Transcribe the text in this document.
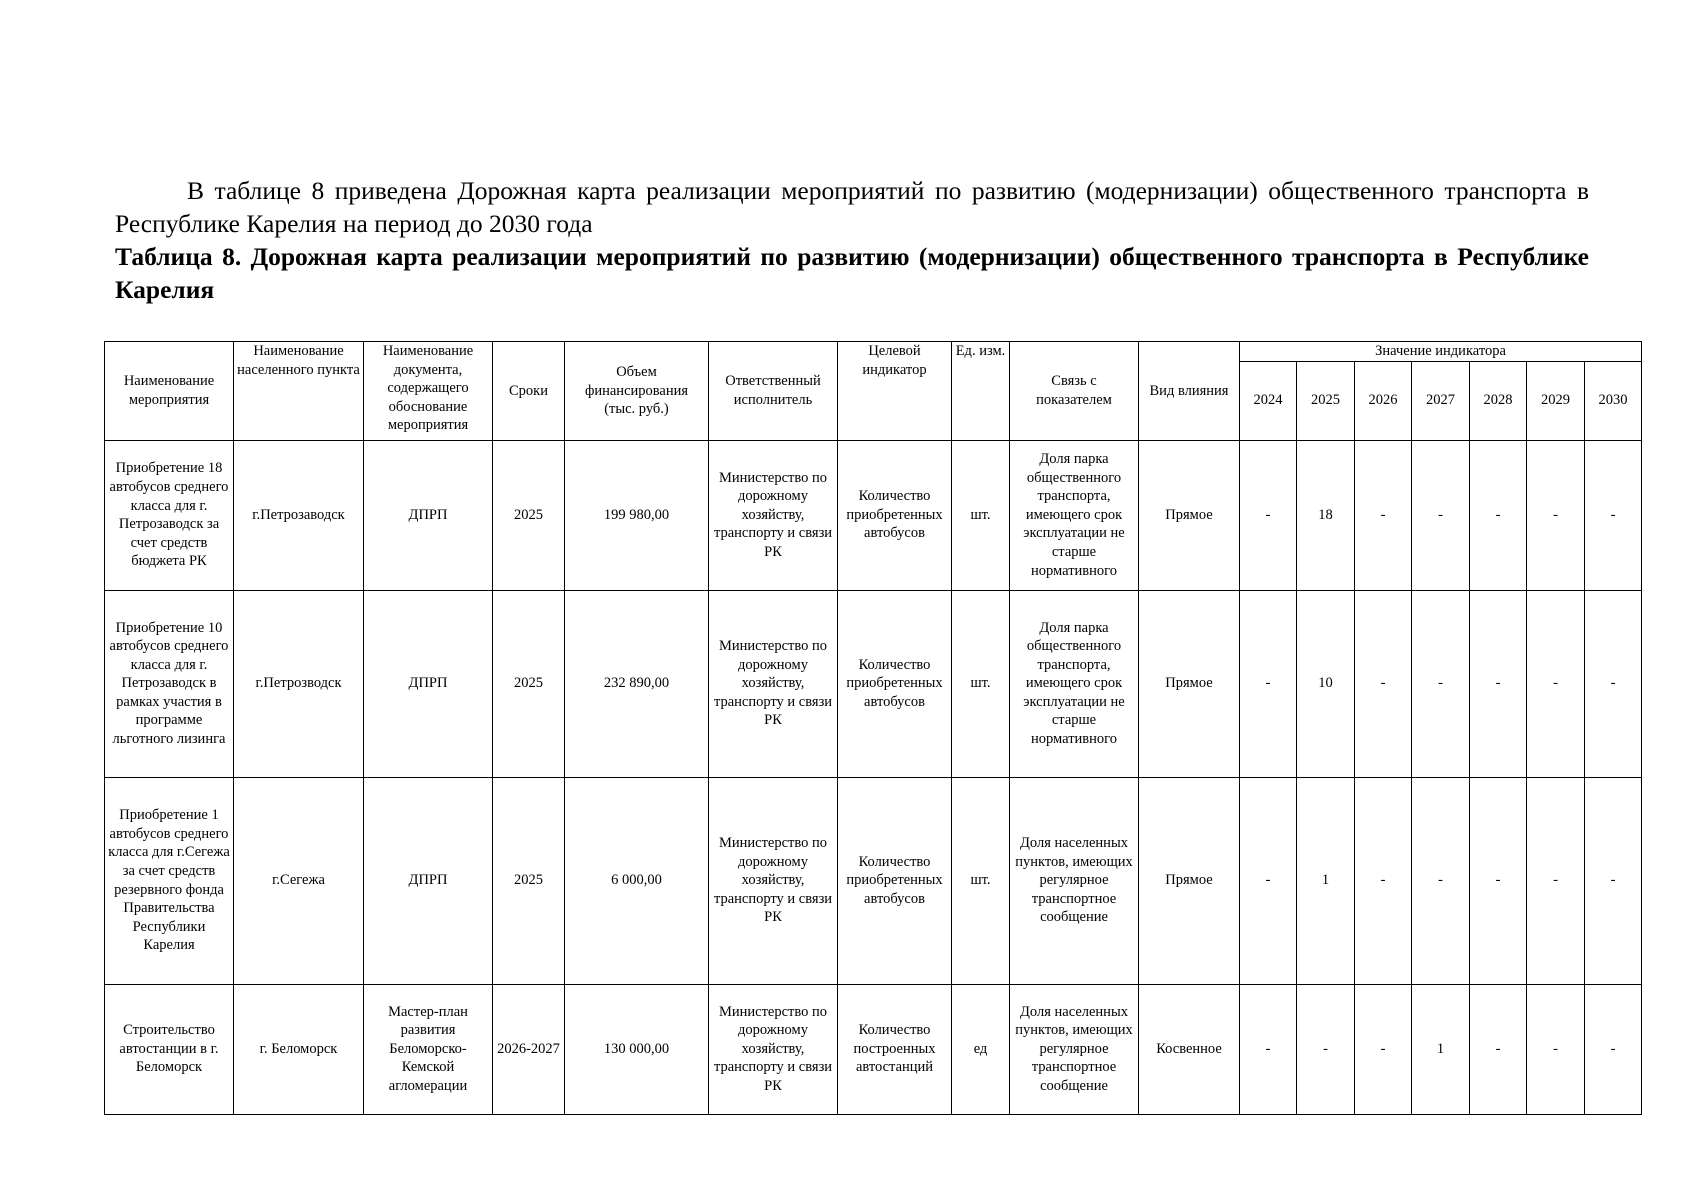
В таблице 8 приведена Дорожная карта реализации мероприятий по развитию (модернизации) общественного транспорта в Республике Карелия на период до 2030 года

Таблица 8. Дорожная карта реализации мероприятий по развитию (модернизации) общественного транспорта в Республике Карелия

Наименование мероприятия	Наименование населенного пункта	Наименование документа, содержащего обоснование мероприятия	Сроки	Объем финансирования (тыс. руб.)	Ответственный исполнитель	Целевой индикатор	Ед. изм.	Связь с показателем	Вид влияния	Значение индикатора						
										2024	2025	2026	2027	2028	2029	2030
Приобретение 18 автобусов среднего класса для г. Петрозаводск за счет средств бюджета РК	г.Петрозаводск	ДПРП	2025	199 980,00	Министерство по дорожному хозяйству, транспорту и связи РК	Количество приобретенных автобусов	шт.	Доля парка общественного транспорта, имеющего срок эксплуатации не старше нормативного	Прямое	-	18	-	-	-	-	-
Приобретение 10 автобусов среднего класса для г. Петрозаводск в рамках участия в программе льготного лизинга	г.Петрозводск	ДПРП	2025	232 890,00	Министерство по дорожному хозяйству, транспорту и связи РК	Количество приобретенных автобусов	шт.	Доля парка общественного транспорта, имеющего срок эксплуатации не старше нормативного	Прямое	-	10	-	-	-	-	-
Приобретение 1 автобусов среднего класса для г.Сегежа за счет средств резервного фонда Правительства Республики Карелия	г.Сегежа	ДПРП	2025	6 000,00	Министерство по дорожному хозяйству, транспорту и связи РК	Количество приобретенных автобусов	шт.	Доля населенных пунктов, имеющих регулярное транспортное сообщение	Прямое	-	1	-	-	-	-	-
Строительство автостанции в г. Беломорск	г. Беломорск	Мастер-план развития Беломорско-Кемской агломерации	2026-2027	130 000,00	Министерство по дорожному хозяйству, транспорту и связи РК	Количество построенных автостанций	ед	Доля населенных пунктов, имеющих регулярное транспортное сообщение	Косвенное	-	-	-	1	-	-	-
